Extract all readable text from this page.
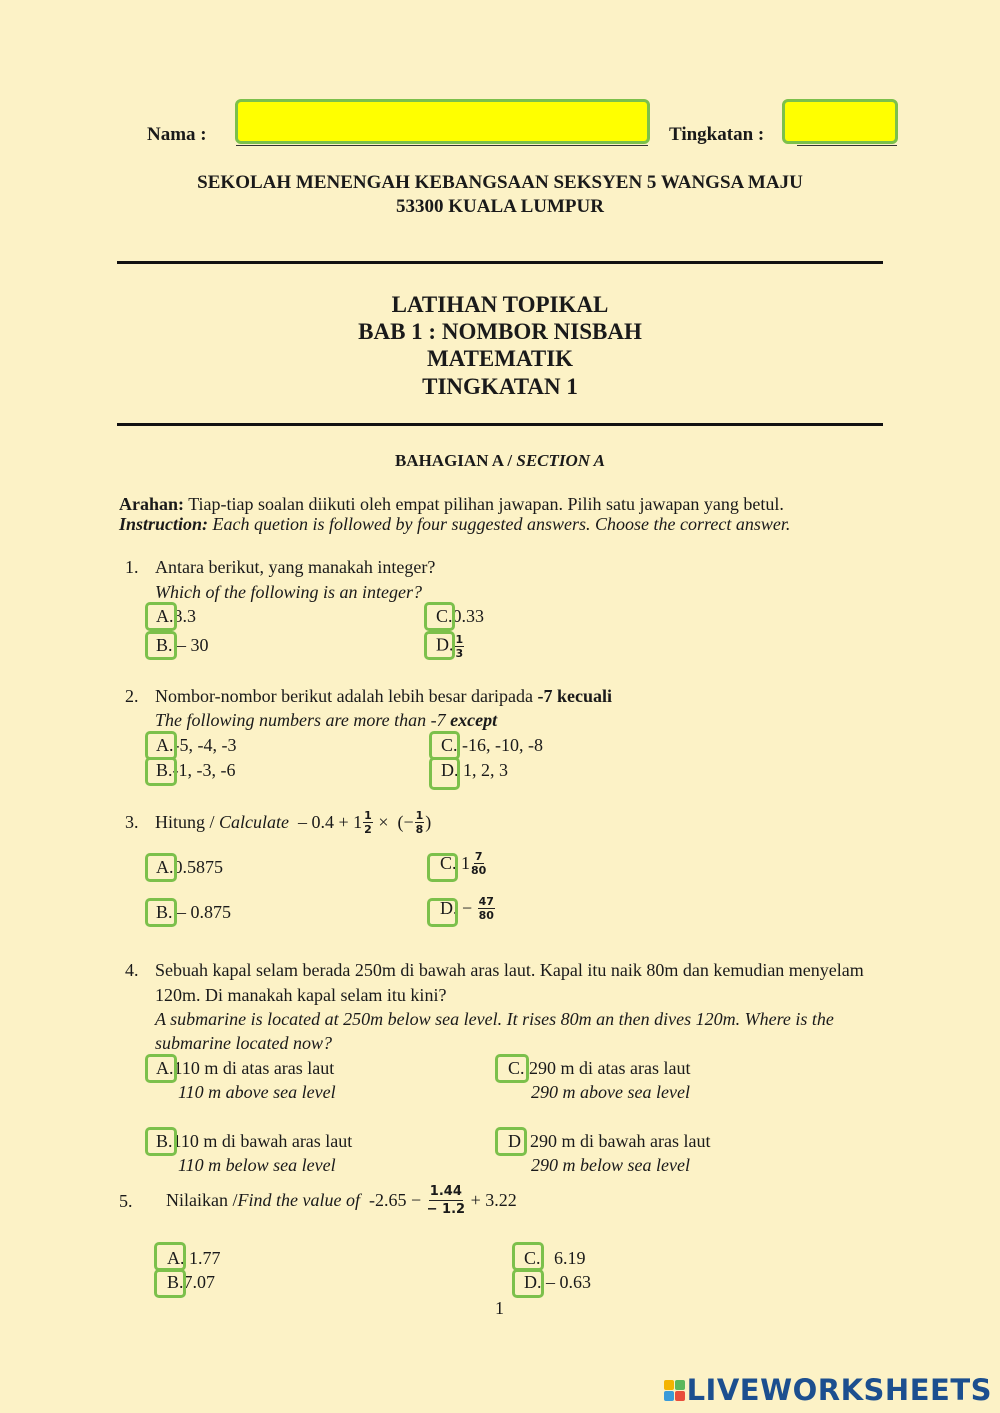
Nama :	Tingkatan :
SEKOLAH MENENGAH KEBANGSAAN SEKSYEN 5 WANGSA MAJU
53300 KUALA LUMPUR
LATIHAN TOPIKAL
BAB 1 : NOMBOR NISBAH
MATEMATIK
TINGKATAN 1
BAHAGIAN A / SECTION A
Arahan: Tiap-tiap soalan diikuti oleh empat pilihan jawapan. Pilih satu jawapan yang betul.
Instruction: Each quetion is followed by four suggested answers. Choose the correct answer.
1. Antara berikut, yang manakah integer?
Which of the following is an integer?
A.3.3
B. – 30
C.0.33
D. $\frac{1}{3}$
2. Nombor-nombor berikut adalah lebih besar daripada -7 kecuali
The following numbers are more than -7 except
A.-5, -4, -3
B.-1, -3, -6
C. -16, -10, -8
D. 1, 2, 3
3. Hitung /
Calculate
– $0.4 + 1 \frac{1}{2}$
×
(− $\frac{1}{8}$ )
A.0.5875
B. – 0.875
C.
$1 \frac{7}{80}$
D.
−
$\frac{47}{80}$
4. Sebuah kapal selam berada 250m di bawah aras laut. Kapal itu naik 80m dan kemudian menyelam
120m. Di manakah kapal selam itu kini?
A submarine is located at 250m below sea level. It rises 80m an then dives 120m. Where is the
submarine located now?
A.110 m di atas aras laut
110 m above sea level
B.110 m di bawah aras laut
110 m below sea level
C. 290 m di atas aras laut
290 m above sea level
D 290 m di bawah aras laut
290 m below sea level
5. Nilaikan / Find the value of
-2.65 −
$\frac{1.44}{- 1.2}$
+ 3.22
A. 1.77
B.7.07
C. 6.19
D. – 0.63
1
LIVEWORKSHEETS
